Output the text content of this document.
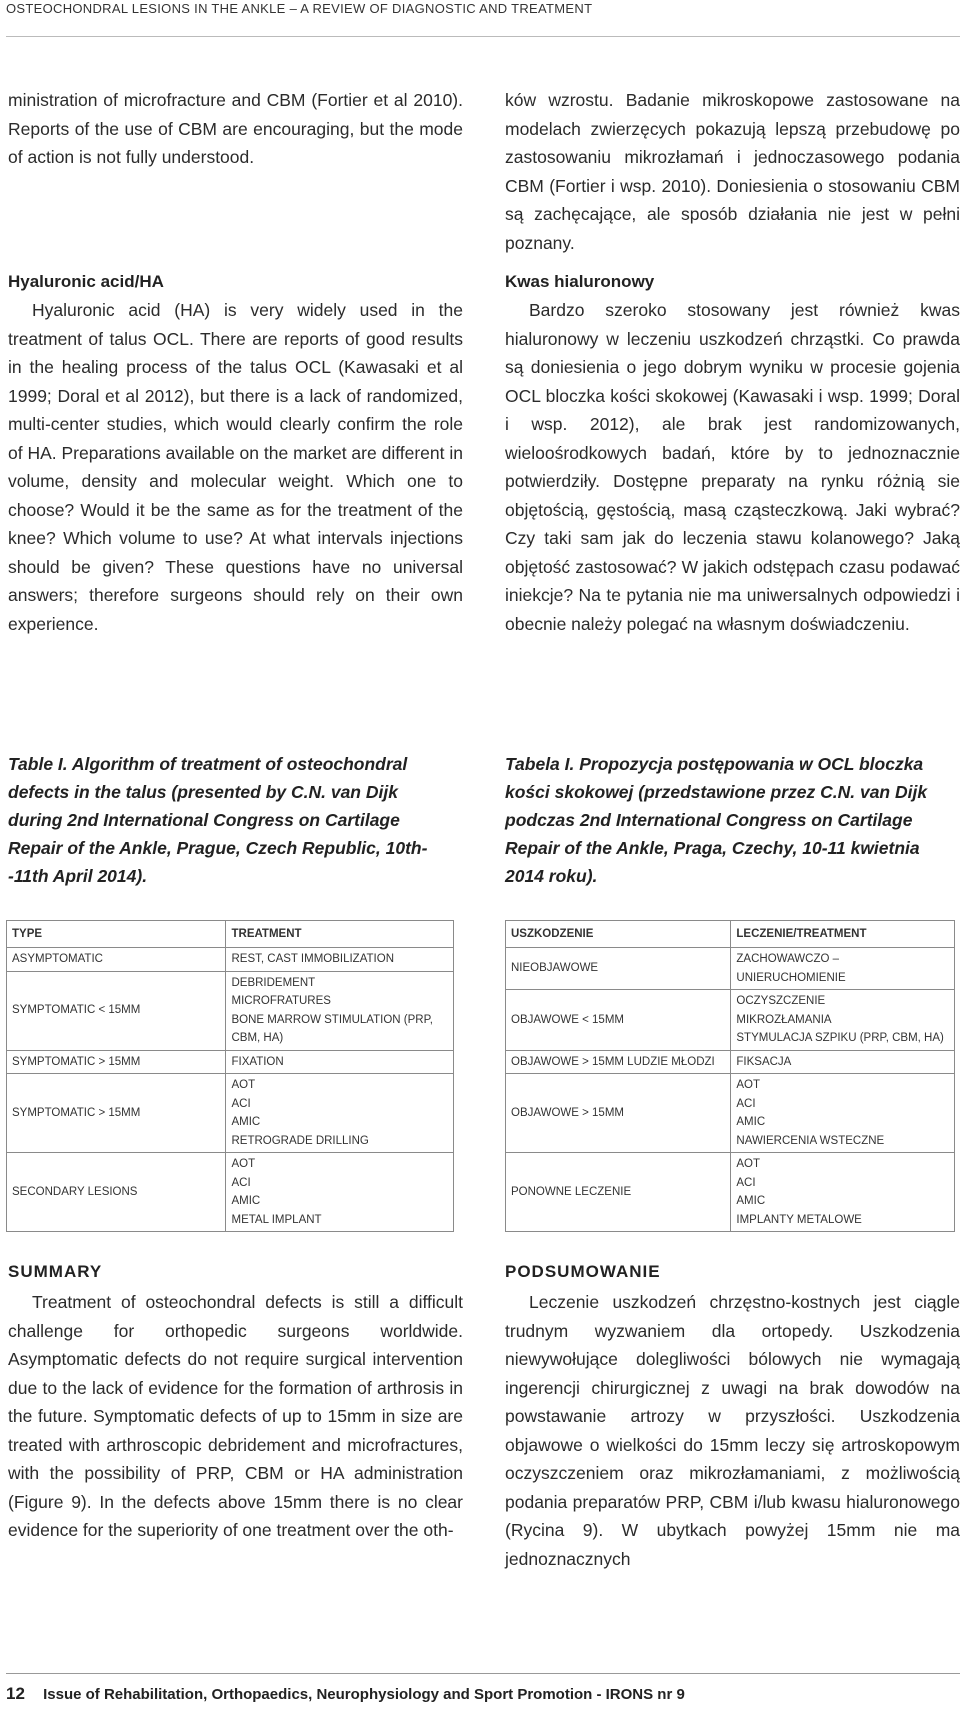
OSTEOCHONDRAL LESIONS IN THE ANKLE – A REVIEW OF DIAGNOSTIC AND TREATMENT

ministration of microfracture and CBM (Fortier et al 2010). Reports of the use of CBM are encouraging, but the mode of action is not fully understood.

ków wzrostu. Badanie mikroskopowe zastosowane na modelach zwierzęcych pokazują lepszą przebudowę po zastosowaniu mikrozłamań i jednoczasowego podania CBM (Fortier i wsp. 2010). Doniesienia o stosowaniu CBM są zachęcające, ale sposób działania nie jest w pełni poznany.

Hyaluronic acid/HA

Hyaluronic acid (HA) is very widely used in the treatment of talus OCL. There are reports of good results in the healing process of the talus OCL (Kawasaki et al 1999; Doral et al 2012), but there is a lack of randomized, multi-center studies, which would clearly confirm the role of HA. Preparations available on the market are different in volume, density and molecular weight. Which one to choose? Would it be the same as for the treatment of the knee? Which volume to use? At what intervals injections should be given? These questions have no universal answers; therefore surgeons should rely on their own experience.

Kwas hialuronowy

Bardzo szeroko stosowany jest również kwas hialuronowy w leczeniu uszkodzeń chrząstki. Co prawda są doniesienia o jego dobrym wyniku w procesie gojenia OCL bloczka kości skokowej (Kawasaki i wsp. 1999; Doral i wsp. 2012), ale brak jest randomizowanych, wieloośrodkowych badań, które by to jednoznacznie potwierdziły. Dostępne preparaty na rynku różnią sie objętością, gęstością, masą cząsteczkową. Jaki wybrać? Czy taki sam jak do leczenia stawu kolanowego? Jaką objętość zastosować? W jakich odstępach czasu podawać iniekcje? Na te pytania nie ma uniwersalnych odpowiedzi i obecnie należy polegać na własnym doświadczeniu.

Table I. Algorithm of treatment of osteochondral
defects in the talus (presented by C.N. van Dijk
during 2nd International Congress on Cartilage
Repair of the Ankle, Prague, Czech Republic, 10th-
-11th April 2014).
Tabela I. Propozycja postępowania w OCL bloczka
kości skokowej (przedstawione przez C.N. van Dijk
podczas 2nd International Congress on Cartilage
Repair of the Ankle, Praga, Czechy, 10-11 kwietnia
2014 roku).
TYPE	TREATMENT
ASYMPTOMATIC	REST, CAST IMMOBILIZATION

SYMPTOMATIC < 15MM	DEBRIDEMENT
MICROFRATURES
BONE MARROW STIMULATION (PRP,
CBM, HA)

SYMPTOMATIC > 15MM	FIXATION

SYMPTOMATIC > 15MM	AOT
ACI
AMIC
RETROGRADE DRILLING

SECONDARY LESIONS	AOT
ACI
AMIC
METAL IMPLANT
USZKODZENIE	LECZENIE/TREATMENT
NIEOBJAWOWE	ZACHOWAWCZO – UNIERUCHOMIENIE

OBJAWOWE < 15MM	OCZYSZCZENIE
MIKROZŁAMANIA
STYMULACJA SZPIKU (PRP, CBM, HA)

OBJAWOWE > 15MM LUDZIE MŁODZI	FIKSACJA

OBJAWOWE > 15MM	AOT
ACI
AMIC
NAWIERCENIA WSTECZNE

PONOWNE LECZENIE	AOT
ACI
AMIC
IMPLANTY METALOWE
SUMMARY

Treatment of osteochondral defects is still a difficult challenge for orthopedic surgeons worldwide. Asymptomatic defects do not require surgical intervention due to the lack of evidence for the formation of arthrosis in the future. Symptomatic defects of up to 15mm in size are treated with arthroscopic debridement and microfractures, with the possibility of PRP, CBM or HA administration (Figure 9). In the defects above 15mm there is no clear evidence for the superiority of one treatment over the oth-

PODSUMOWANIE

Leczenie uszkodzeń chrzęstno-kostnych jest ciągle trudnym wyzwaniem dla ortopedy. Uszkodzenia niewywołujące dolegliwości bólowych nie wymagają ingerencji chirurgicznej z uwagi na brak dowodów na powstawanie artrozy w przyszłości. Uszkodzenia objawowe o wielkości do 15mm leczy się artroskopowym oczyszczeniem oraz mikrozłamaniami, z możliwością podania preparatów PRP, CBM i/lub kwasu hialuronowego (Rycina 9). W ubytkach powyżej 15mm nie ma jednoznacznych

12 Issue of Rehabilitation, Orthopaedics, Neurophysiology and Sport Promotion - IRONS nr 9
